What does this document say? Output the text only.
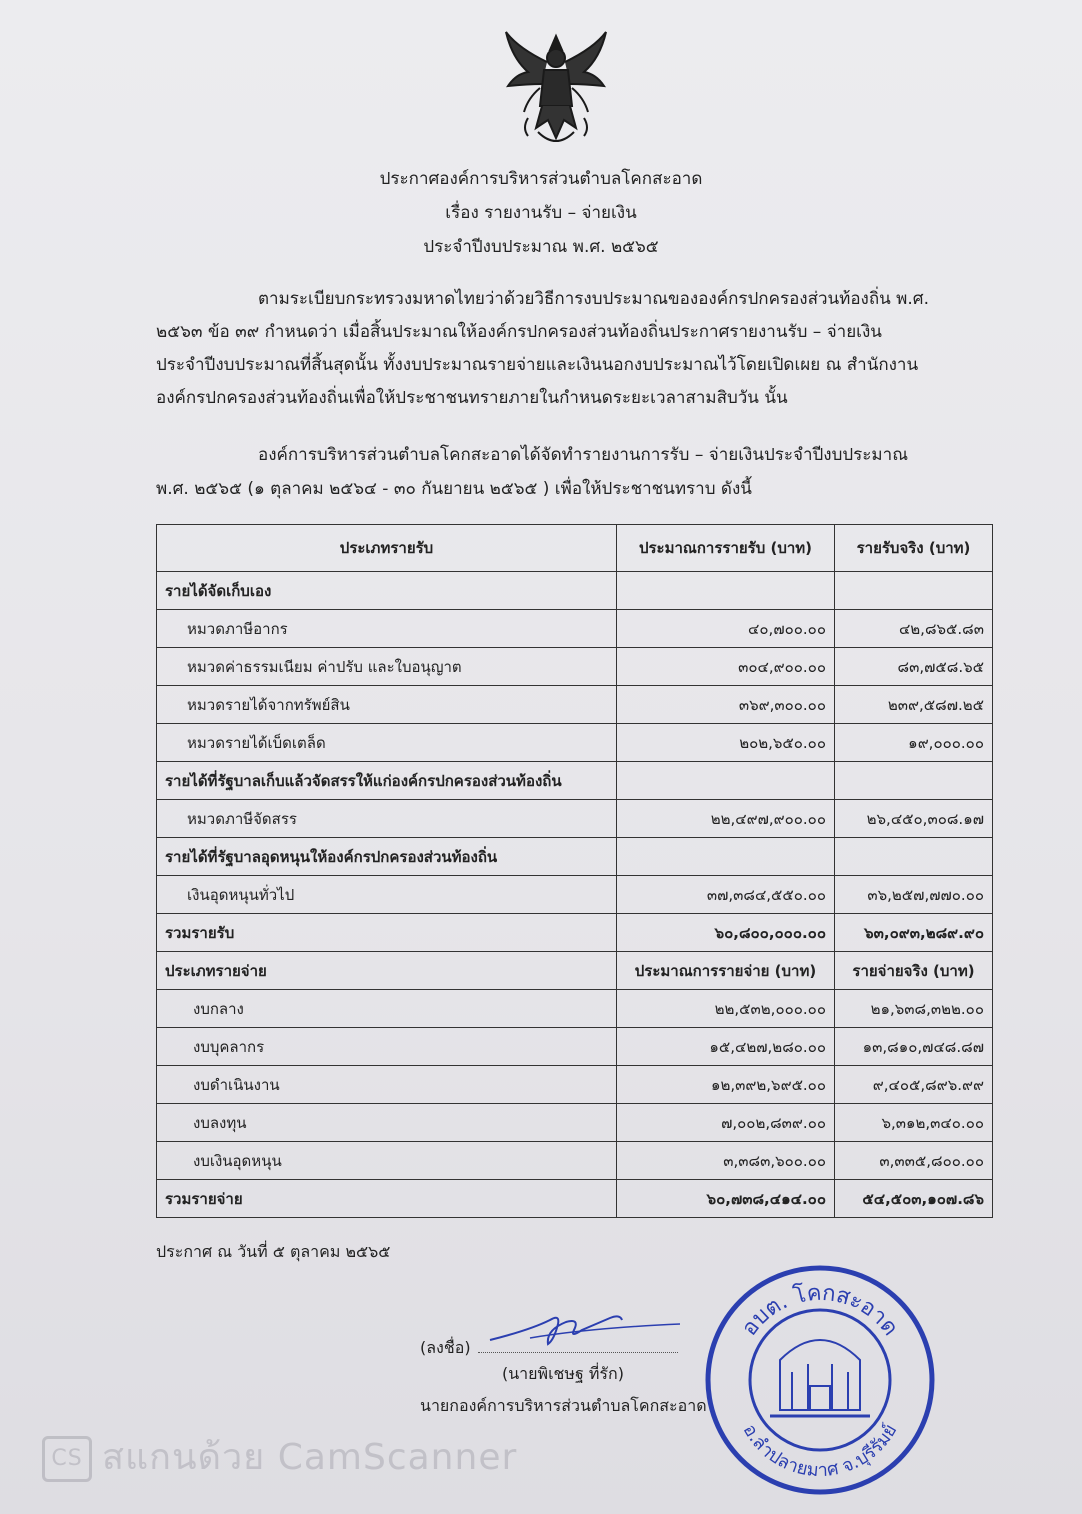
ประกาศองค์การบริหารส่วนตำบลโคกสะอาด
เรื่อง รายงานรับ – จ่ายเงิน
ประจำปีงบประมาณ พ.ศ. ๒๕๖๕
ตามระเบียบกระทรวงมหาดไทยว่าด้วยวิธีการงบประมาณขององค์กรปกครองส่วนท้องถิ่น พ.ศ.
๒๕๖๓ ข้อ ๓๙ กำหนดว่า เมื่อสิ้นประมาณให้องค์กรปกครองส่วนท้องถิ่นประกาศรายงานรับ – จ่ายเงิน
ประจำปีงบประมาณที่สิ้นสุดนั้น ทั้งงบประมาณรายจ่ายและเงินนอกงบประมาณไว้โดยเปิดเผย ณ สำนักงาน
องค์กรปกครองส่วนท้องถิ่นเพื่อให้ประชาชนทรายภายในกำหนดระยะเวลาสามสิบวัน นั้น
องค์การบริหารส่วนตำบลโคกสะอาดได้จัดทำรายงานการรับ – จ่ายเงินประจำปีงบประมาณ
พ.ศ. ๒๕๖๕ (๑ ตุลาคม ๒๕๖๔ - ๓๐ กันยายน ๒๕๖๕ ) เพื่อให้ประชาชนทราบ ดังนี้
ประเภทรายรับ	ประมาณการรายรับ (บาท)	รายรับจริง (บาท)
รายได้จัดเก็บเอง		
หมวดภาษีอากร	๔๐,๗๐๐.๐๐	๔๒,๘๖๕.๘๓
หมวดค่าธรรมเนียม ค่าปรับ และใบอนุญาต	๓๐๔,๙๐๐.๐๐	๘๓,๗๕๘.๖๕
หมวดรายได้จากทรัพย์สิน	๓๖๙,๓๐๐.๐๐	๒๓๙,๕๘๗.๒๕
หมวดรายได้เบ็ดเตล็ด	๒๐๒,๖๕๐.๐๐	๑๙,๐๐๐.๐๐
รายได้ที่รัฐบาลเก็บแล้วจัดสรรให้แก่องค์กรปกครองส่วนท้องถิ่น		
หมวดภาษีจัดสรร	๒๒,๔๙๗,๙๐๐.๐๐	๒๖,๔๕๐,๓๐๘.๑๗
รายได้ที่รัฐบาลอุดหนุนให้องค์กรปกครองส่วนท้องถิ่น		
เงินอุดหนุนทั่วไป	๓๗,๓๘๔,๕๕๐.๐๐	๓๖,๒๕๗,๗๗๐.๐๐
รวมรายรับ	๖๐,๘๐๐,๐๐๐.๐๐	๖๓,๐๙๓,๒๘๙.๙๐
ประเภทรายจ่าย	ประมาณการรายจ่าย (บาท)	รายจ่ายจริง (บาท)
งบกลาง	๒๒,๕๓๒,๐๐๐.๐๐	๒๑,๖๓๘,๓๒๒.๐๐
งบบุคลากร	๑๕,๔๒๗,๒๘๐.๐๐	๑๓,๘๑๐,๗๔๘.๘๗
งบดำเนินงาน	๑๒,๓๙๒,๖๙๕.๐๐	๙,๔๐๕,๘๙๖.๙๙
งบลงทุน	๗,๐๐๒,๘๓๙.๐๐	๖,๓๑๒,๓๔๐.๐๐
งบเงินอุดหนุน	๓,๓๘๓,๖๐๐.๐๐	๓,๓๓๕,๘๐๐.๐๐
รวมรายจ่าย	๖๐,๗๓๘,๔๑๔.๐๐	๕๔,๕๐๓,๑๐๗.๘๖
ประกาศ ณ วันที่ ๕ ตุลาคม ๒๕๖๕
(ลงชื่อ)
(นายพิเชษฐ ที่รัก)
นายกองค์การบริหารส่วนตำบลโคกสะอาด
อบต. โคกสะอาด
อ.ลำปลายมาศ จ.บุรีรัมย์
CS สแกนด้วย CamScanner
